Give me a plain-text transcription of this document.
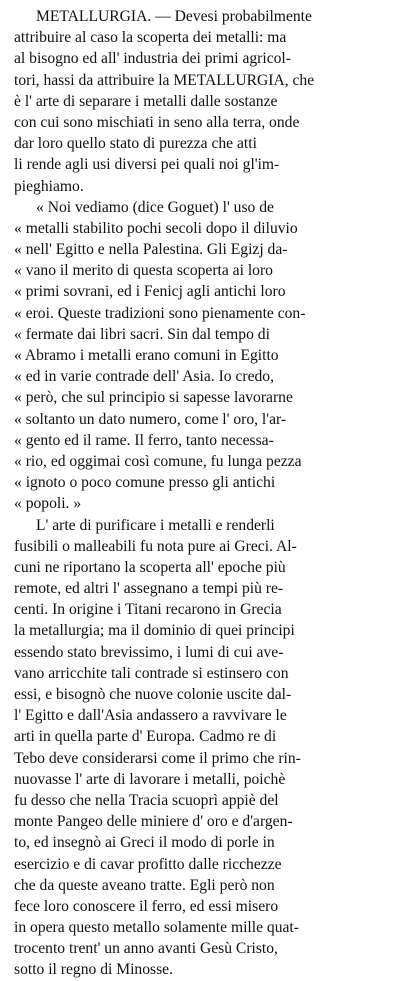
METALLURGIA. — Devesi probabilmente
attribuire al caso la scoperta dei metalli: ma
al bisogno ed all' industria dei primi agricol-
tori, hassi da attribuire la METALLURGIA, che
è l' arte di separare i metalli dalle sostanze
con cui sono mischiati in seno alla terra, onde
dar loro quello stato di purezza che atti
li rende agli usi diversi pei quali noi gl'im-
pieghiamo.
« Noi vediamo (dice Goguet) l' uso de
« metalli stabilito pochi secoli dopo il diluvio
« nell' Egitto e nella Palestina. Gli Egizj da-
« vano il merito di questa scoperta ai loro
« primi sovrani, ed i Fenicj agli antichi loro
« eroi. Queste tradizioni sono pienamente con-
« fermate dai libri sacri. Sin dal tempo di
« Abramo i metalli erano comuni in Egitto
« ed in varie contrade dell' Asia. Io credo,
« però, che sul principio si sapesse lavorarne
« soltanto un dato numero, come l' oro, l'ar-
« gento ed il rame. Il ferro, tanto necessa-
« rio, ed oggimai così comune, fu lunga pezza
« ignoto o poco comune presso gli antichi
« popoli. »
L' arte di purificare i metalli e renderli
fusibili o malleabili fu nota pure ai Greci. Al-
cuni ne riportano la scoperta all' epoche più
remote, ed altri l' assegnano a tempi più re-
centi. In origine i Titani recarono in Grecia
la metallurgia; ma il dominio di quei principi
essendo stato brevissimo, i lumi di cui ave-
vano arricchite tali contrade si estinsero con
essi, e bisognò che nuove colonie uscite dal-
l' Egitto e dall'Asia andassero a ravvivare le
arti in quella parte d' Europa. Cadmo re di
Tebo deve considerarsi come il primo che rin-
nuovasse l' arte di lavorare i metalli, poichè
fu desso che nella Tracia scuoprì appiè del
monte Pangeo delle miniere d' oro e d'argen-
to, ed insegnò ai Greci il modo di porle in
esercizio e di cavar profitto dalle ricchezze
che da queste aveano tratte. Egli però non
fece loro conoscere il ferro, ed essi misero
in opera questo metallo solamente mille quat-
trocento trent' un anno avanti Gesù Cristo,
sotto il regno di Minosse.
